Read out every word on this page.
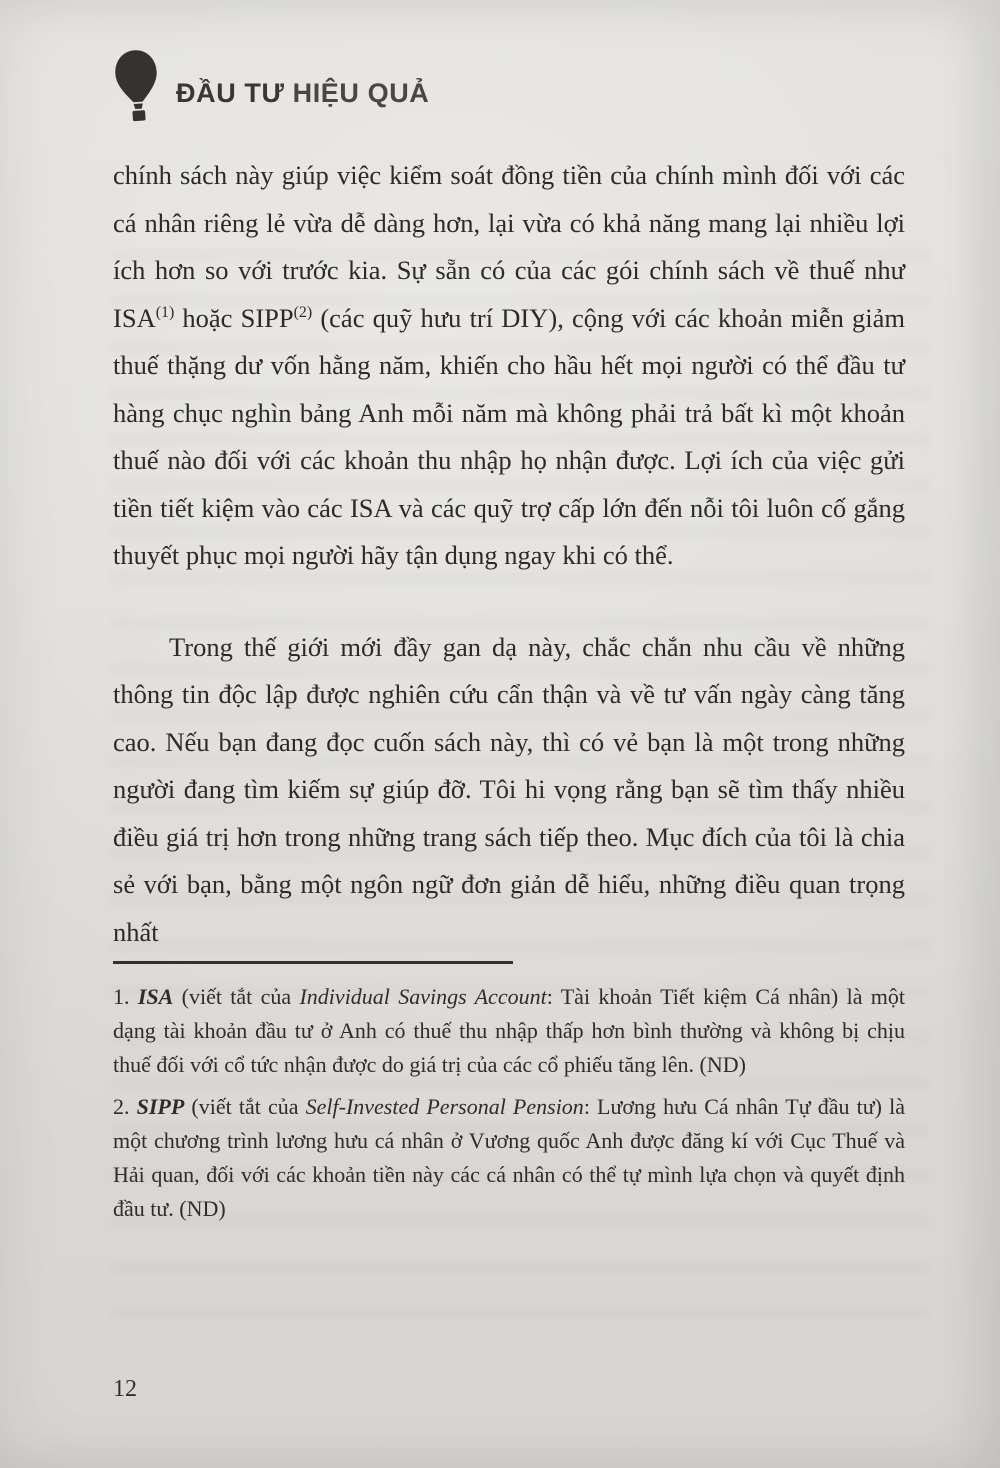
ĐẦU TƯ HIỆU QUẢ

chính sách này giúp việc kiểm soát đồng tiền của chính mình đối với các cá nhân riêng lẻ vừa dễ dàng hơn, lại vừa có khả năng mang lại nhiều lợi ích hơn so với trước kia. Sự sẵn có của các gói chính sách về thuế như ISA$^{(1)}$ hoặc SIPP$^{(2)}$ (các quỹ hưu trí DIY), cộng với các khoản miễn giảm thuế thặng dư vốn hằng năm, khiến cho hầu hết mọi người có thể đầu tư hàng chục nghìn bảng Anh mỗi năm mà không phải trả bất kì một khoản thuế nào đối với các khoản thu nhập họ nhận được. Lợi ích của việc gửi tiền tiết kiệm vào các ISA và các quỹ trợ cấp lớn đến nỗi tôi luôn cố gắng thuyết phục mọi người hãy tận dụng ngay khi có thể.

Trong thế giới mới đầy gan dạ này, chắc chắn nhu cầu về những thông tin độc lập được nghiên cứu cẩn thận và về tư vấn ngày càng tăng cao. Nếu bạn đang đọc cuốn sách này, thì có vẻ bạn là một trong những người đang tìm kiếm sự giúp đỡ. Tôi hi vọng rằng bạn sẽ tìm thấy nhiều điều giá trị hơn trong những trang sách tiếp theo. Mục đích của tôi là chia sẻ với bạn, bằng một ngôn ngữ đơn giản dễ hiểu, những điều quan trọng nhất

1. ISA (viết tắt của Individual Savings Account: Tài khoản Tiết kiệm Cá nhân) là một dạng tài khoản đầu tư ở Anh có thuế thu nhập thấp hơn bình thường và không bị chịu thuế đối với cổ tức nhận được do giá trị của các cổ phiếu tăng lên. (ND)

2. SIPP (viết tắt của Self-Invested Personal Pension: Lương hưu Cá nhân Tự đầu tư) là một chương trình lương hưu cá nhân ở Vương quốc Anh được đăng kí với Cục Thuế và Hải quan, đối với các khoản tiền này các cá nhân có thể tự mình lựa chọn và quyết định đầu tư. (ND)

12
